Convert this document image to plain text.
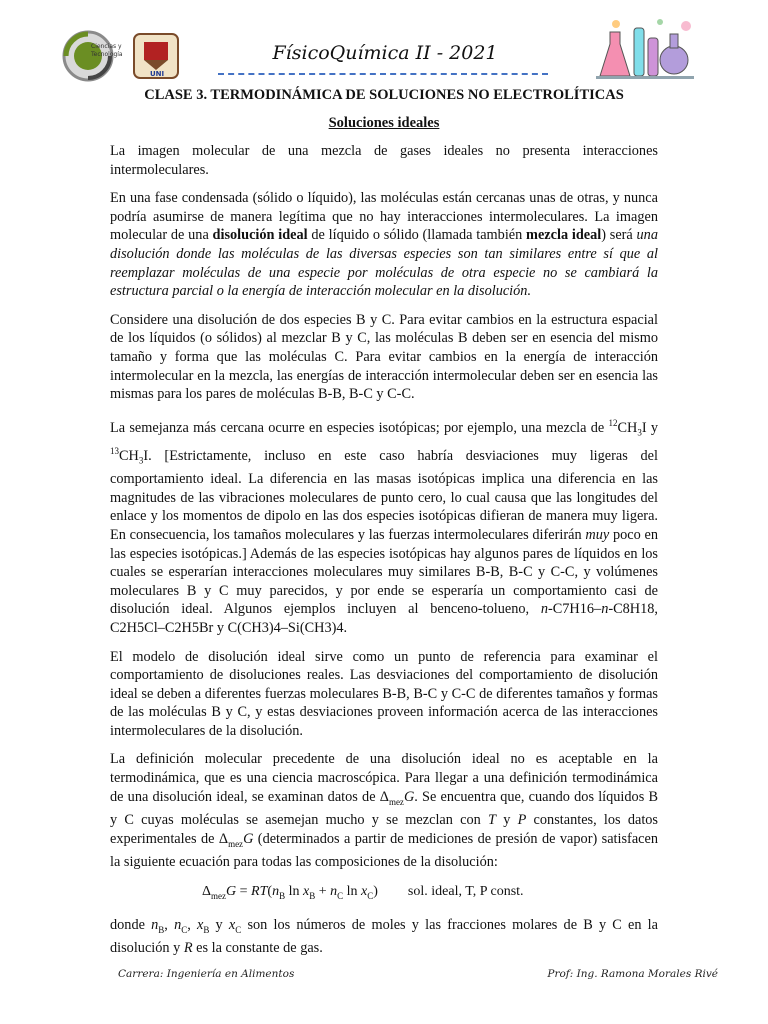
Ciencias y
Tecnología
UNI
FísicoQuímica II - 2021
CLASE 3. TERMODINÁMICA DE SOLUCIONES NO ELECTROLÍTICAS
Soluciones ideales

La imagen molecular de una mezcla de gases ideales no presenta interacciones intermoleculares.

En una fase condensada (sólido o líquido), las moléculas están cercanas unas de otras, y nunca podría asumirse de manera legítima que no hay interacciones intermoleculares. La imagen molecular de una disolución ideal de líquido o sólido (llamada también mezcla ideal) será una disolución donde las moléculas de las diversas especies son tan similares entre sí que al reemplazar moléculas de una especie por moléculas de otra especie no se cambiará la estructura parcial o la energía de interacción molecular en la disolución.

Considere una disolución de dos especies B y C. Para evitar cambios en la estructura espacial de los líquidos (o sólidos) al mezclar B y C, las moléculas B deben ser en esencia del mismo tamaño y forma que las moléculas C. Para evitar cambios en la energía de interacción intermolecular en la mezcla, las energías de interacción intermolecular deben ser en esencia las mismas para los pares de moléculas B-B, B-C y C-C.

La semejanza más cercana ocurre en especies isotópicas; por ejemplo, una mezcla de $^{12}CH_3I$ y $^{13}CH_3I$. [Estrictamente, incluso en este caso habría desviaciones muy ligeras del comportamiento ideal. La diferencia en las masas isotópicas implica una diferencia en las magnitudes de las vibraciones moleculares de punto cero, lo cual causa que las longitudes del enlace y los momentos de dipolo en las dos especies isotópicas difieran de manera muy ligera. En consecuencia, los tamaños moleculares y las fuerzas intermoleculares diferirán muy poco en las especies isotópicas.] Además de las especies isotópicas hay algunos pares de líquidos en los cuales se esperarían interacciones moleculares muy similares B-B, B-C y C-C, y volúmenes moleculares B y C muy parecidos, y por ende se esperaría un comportamiento casi de disolución ideal. Algunos ejemplos incluyen al benceno-tolueno, n-C7H16–n-C8H18, C2H5Cl–C2H5Br y C(CH3)4–Si(CH3)4.

El modelo de disolución ideal sirve como un punto de referencia para examinar el comportamiento de disoluciones reales. Las desviaciones del comportamiento de disolución ideal se deben a diferentes fuerzas moleculares B-B, B-C y C-C de diferentes tamaños y formas de las moléculas B y C, y estas desviaciones proveen información acerca de las interacciones intermoleculares de la disolución.

La definición molecular precedente de una disolución ideal no es aceptable en la termodinámica, que es una ciencia macroscópica. Para llegar a una definición termodinámica de una disolución ideal, se examinan datos de $\Delta_{mez}G$. Se encuentra que, cuando dos líquidos B y C cuyas moléculas se asemejan mucho y se mezclan con T y P constantes, los datos experimentales de $\Delta_{mez}G$ (determinados a partir de mediciones de presión de vapor) satisfacen la siguiente ecuación para todas las composiciones de la disolución:

$\Delta_{mez}G = RT(n_B$ $\ln x_B + n_C$ $\ln x_C$) sol. ideal, T, P const.

donde $n_B$, $n_C$, $x_B$ y $x_C$ son los números de moles y las fracciones molares de B y C en la disolución y R es la constante de gas.

Carrera: Ingeniería en Alimentos	Prof: Ing. Ramona Morales Rivé
